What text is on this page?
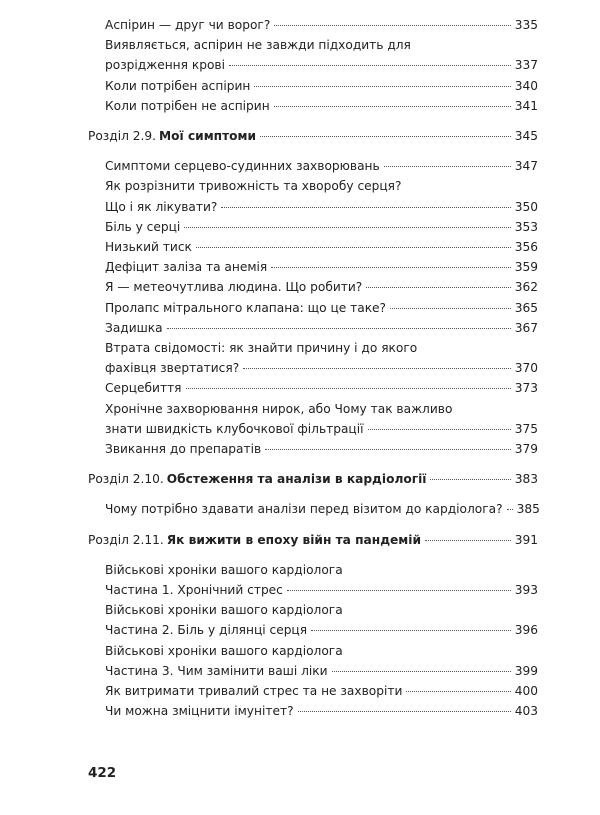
Аспірин — друг чи ворог?	335
Виявляється, аспірин не завжди підходить для
розрідження крові	337
Коли потрібен аспірин	340
Коли потрібен не аспірин	341
Розділ 2.9. Мої симптоми	345
Симптоми серцево-судинних захворювань	347
Як розрізнити тривожність та хворобу серця?
Що і як лікувати?	350
Біль у серці	353
Низький тиск	356
Дефіцит заліза та анемія	359
Я — метеочутлива людина. Що робити?	362
Пролапс мітрального клапана: що це таке?	365
Задишка	367
Втрата свідомості: як знайти причину і до якого
фахівця звертатися?	370
Серцебиття	373
Хронічне захворювання нирок, або Чому так важливо
знати швидкість клубочкової фільтрації	375
Звикання до препаратів	379
Розділ 2.10. Обстеження та аналізи в кардіології	383
Чому потрібно здавати аналізи перед візитом до кардіолога? 385
Розділ 2.11. Як вижити в епоху війн та пандемій	391
Військові хроніки вашого кардіолога
Частина 1. Хронічний стрес	393
Військові хроніки вашого кардіолога
Частина 2. Біль у ділянці серця	396
Військові хроніки вашого кардіолога
Частина 3. Чим замінити ваші ліки	399
Як витримати тривалий стрес та не захворіти	400
Чи можна зміцнити імунітет?	403
422
